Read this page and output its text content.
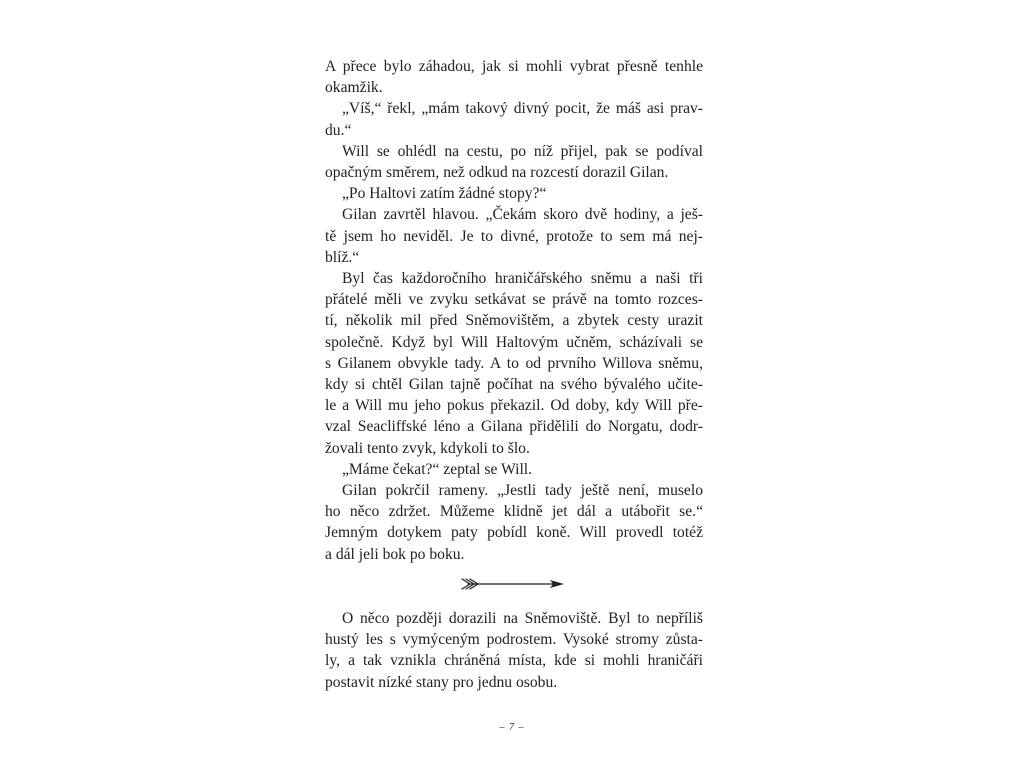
A přece bylo záhadou, jak si mohli vybrat přesně tenhle
okamžik.
„Víš,“ řekl, „mám takový divný pocit, že máš asi prav-
du.“
Will se ohlédl na cestu, po níž přijel, pak se podíval
opačným směrem, než odkud na rozcestí dorazil Gilan.
„Po Haltovi zatím žádné stopy?“
Gilan zavrtěl hlavou. „Čekám skoro dvě hodiny, a ješ-
tě jsem ho neviděl. Je to divné, protože to sem má nej-
blíž.“
Byl čas každoročního hraničářského sněmu a naši tři
přátelé měli ve zvyku setkávat se právě na tomto rozces-
tí, několik mil před Sněmovištěm, a zbytek cesty urazit
společně. Když byl Will Haltovým učněm, scházívali se
s Gilanem obvykle tady. A to od prvního Willova sněmu,
kdy si chtěl Gilan tajně počíhat na svého bývalého učite-
le a Will mu jeho pokus překazil. Od doby, kdy Will pře-
vzal Seacliffské léno a Gilana přidělili do Norgatu, dodr-
žovali tento zvyk, kdykoli to šlo.
„Máme čekat?“ zeptal se Will.
Gilan pokrčil rameny. „Jestli tady ještě není, muselo
ho něco zdržet. Můžeme klidně jet dál a utábořit se.“
Jemným dotykem paty pobídl koně. Will provedl totéž
a dál jeli bok po boku.
O něco později dorazili na Sněmoviště. Byl to nepříliš
hustý les s vymýceným podrostem. Vysoké stromy zůsta-
ly, a tak vznikla chráněná místa, kde si mohli hraničáři
postavit nízké stany pro jednu osobu.
– 7 –
